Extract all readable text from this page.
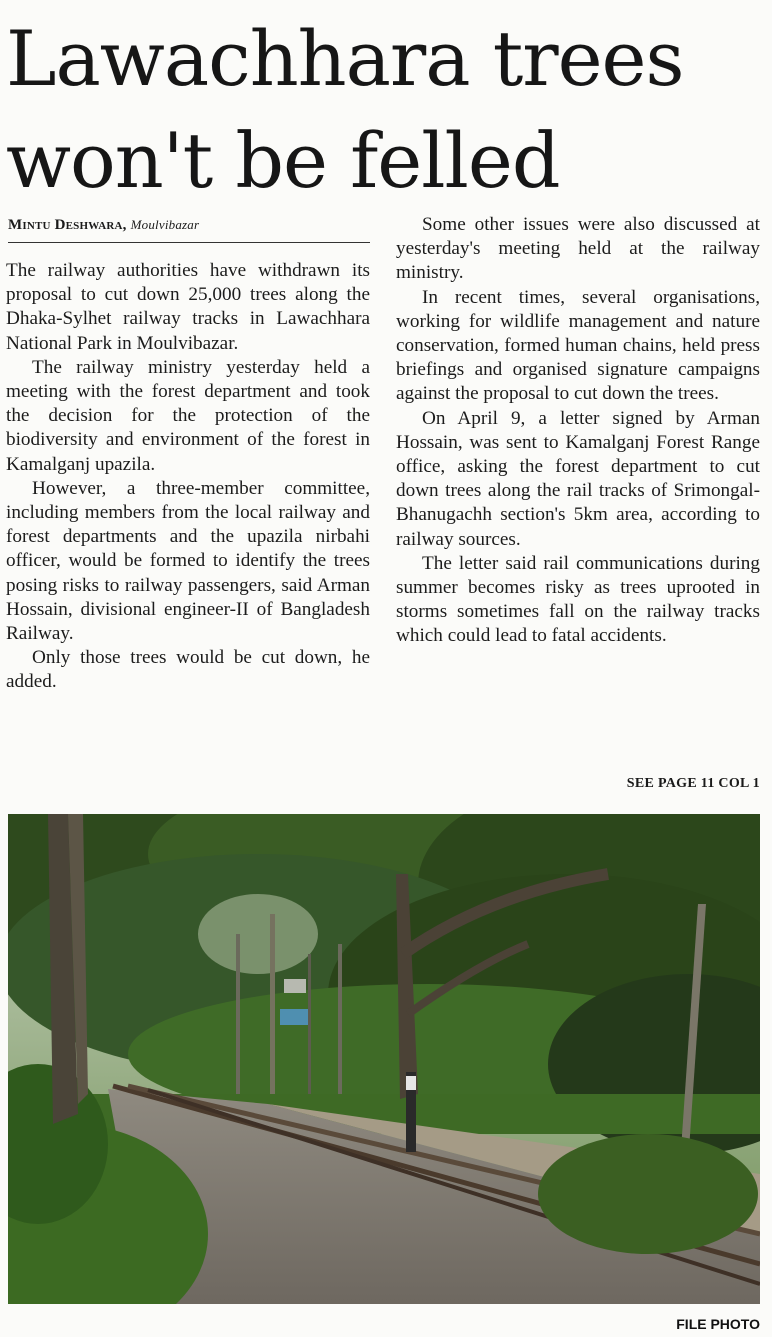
Lawachhara trees won't be felled
Mintu Deshwara, Moulvibazar

The railway authorities have withdrawn its proposal to cut down 25,000 trees along the Dhaka-Sylhet railway tracks in Lawachhara National Park in Moulvibazar.

The railway ministry yesterday held a meeting with the forest department and took the decision for the protection of the biodiversity and environment of the forest in Kamalganj upazila.

However, a three-member committee, including members from the local railway and forest departments and the upazila nirbahi officer, would be formed to identify the trees posing risks to railway passengers, said Arman Hossain, divisional engineer-II of Bangladesh Railway.

Only those trees would be cut down, he added.

Some other issues were also discussed at yesterday's meeting held at the railway ministry.

In recent times, several organisations, working for wildlife management and nature conservation, formed human chains, held press briefings and organised signature campaigns against the proposal to cut down the trees.

On April 9, a letter signed by Arman Hossain, was sent to Kamalganj Forest Range office, asking the forest department to cut down trees along the rail tracks of Srimongal-Bhanugachh section's 5km area, according to railway sources.

The letter said rail communications during summer becomes risky as trees uprooted in storms sometimes fall on the railway tracks which could lead to fatal accidents.

SEE PAGE 11 COL 1
FILE PHOTO
